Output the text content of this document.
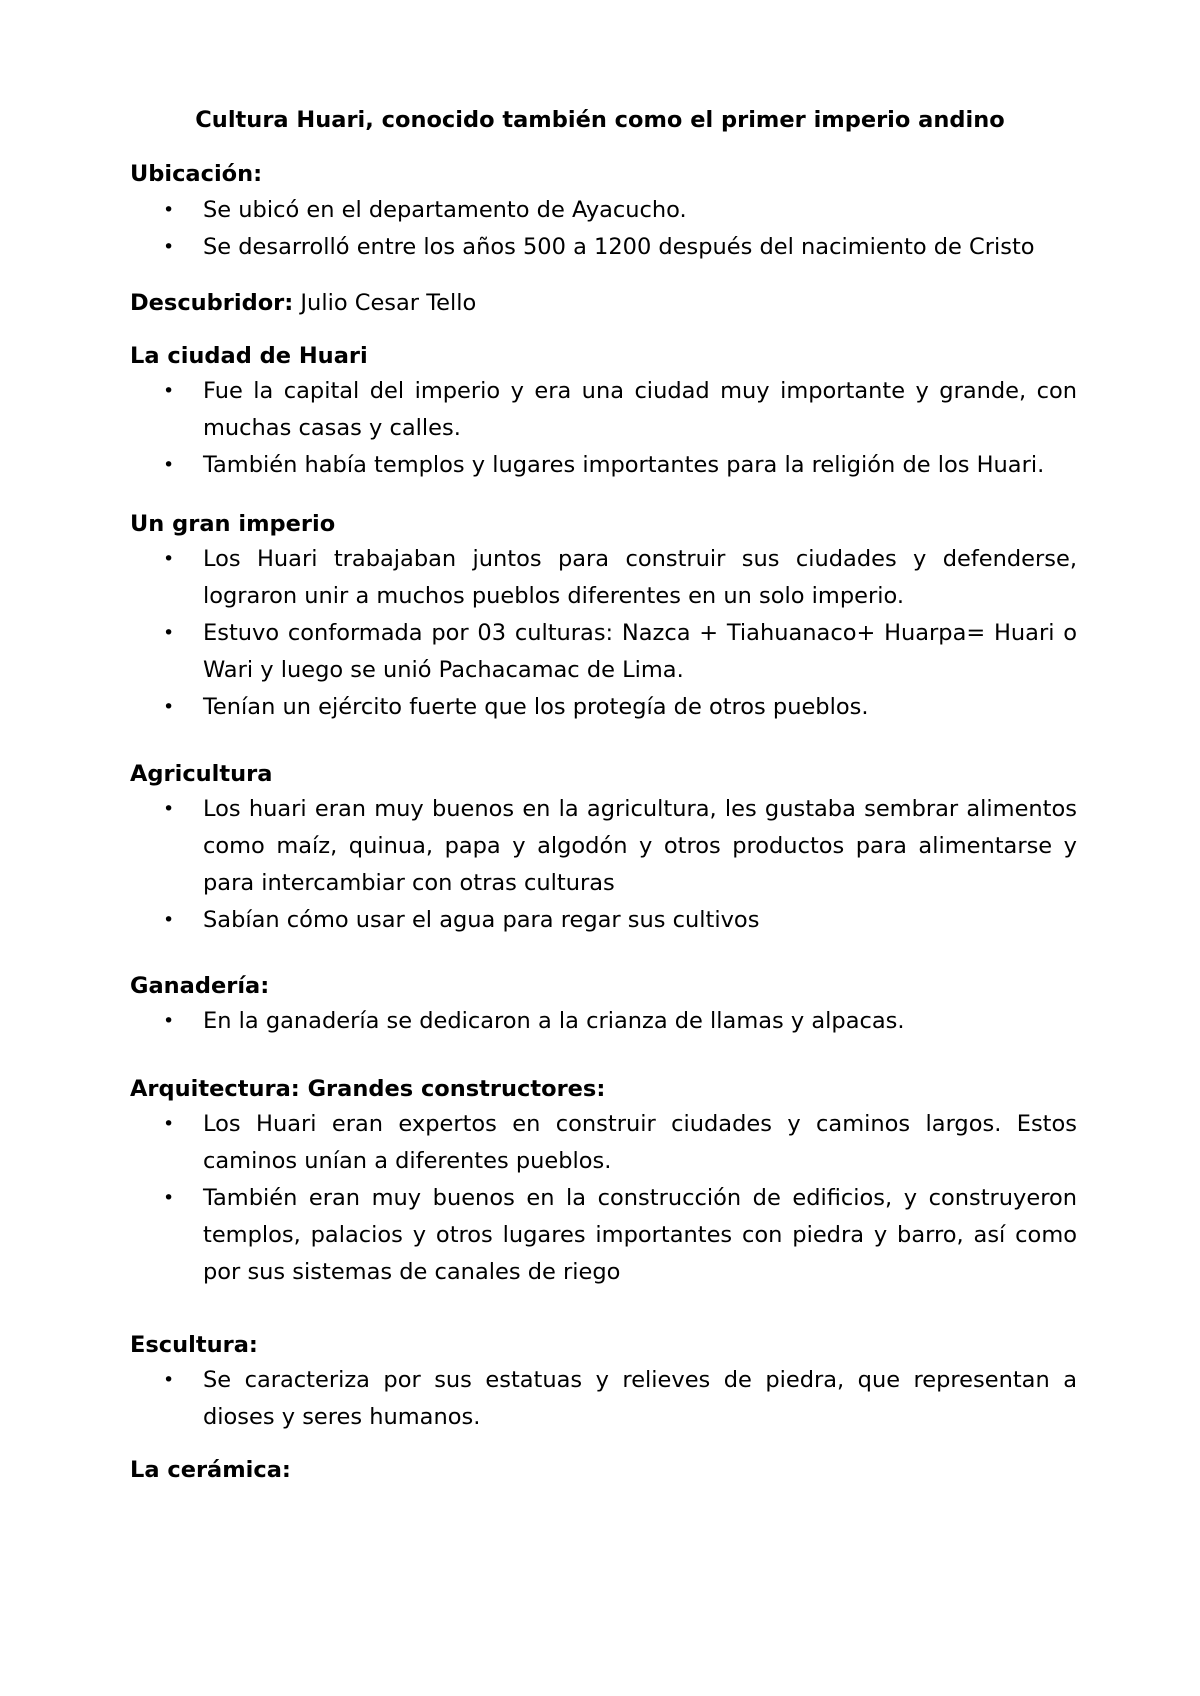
Cultura Huari, conocido también como el primer imperio andino

Ubicación:

• Se ubicó en el departamento de Ayacucho.
• Se desarrolló entre los años 500 a 1200 después del nacimiento de Cristo

Descubridor: Julio Cesar Tello

La ciudad de Huari

• Fue la capital del imperio y era una ciudad muy importante y grande, con muchas casas y calles.
• También había templos y lugares importantes para la religión de los Huari.

Un gran imperio

• Los Huari trabajaban juntos para construir sus ciudades y defenderse, lograron unir a muchos pueblos diferentes en un solo imperio.
• Estuvo conformada por 03 culturas: Nazca + Tiahuanaco+ Huarpa= Huari o Wari y luego se unió Pachacamac de Lima.
• Tenían un ejército fuerte que los protegía de otros pueblos.

Agricultura

• Los huari eran muy buenos en la agricultura, les gustaba sembrar alimentos como maíz, quinua, papa y algodón y otros productos para alimentarse y para intercambiar con otras culturas
• Sabían cómo usar el agua para regar sus cultivos

Ganadería:

• En la ganadería se dedicaron a la crianza de llamas y alpacas.

Arquitectura: Grandes constructores:

• Los Huari eran expertos en construir ciudades y caminos largos. Estos caminos unían a diferentes pueblos.
• También eran muy buenos en la construcción de edificios, y construyeron templos, palacios y otros lugares importantes con piedra y barro, así como por sus sistemas de canales de riego

Escultura:

• Se caracteriza por sus estatuas y relieves de piedra, que representan a dioses y seres humanos.

La cerámica:
